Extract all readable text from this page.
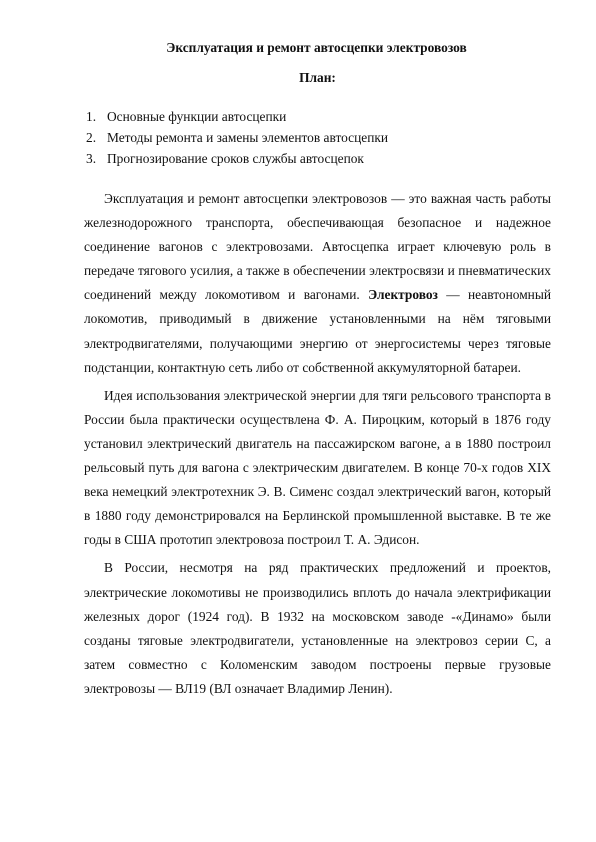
Эксплуатация и ремонт автосцепки электровозов
План:
1. Основные функции автосцепки
2. Методы ремонта и замены элементов автосцепки
3. Прогнозирование сроков службы автосцепок

Эксплуатация и ремонт автосцепки электровозов — это важная часть работы железнодорожного транспорта, обеспечивающая безопасное и надежное соединение вагонов с электровозами. Автосцепка играет ключевую роль в передаче тягового усилия, а также в обеспечении электросвязи и пневматических соединений между локомотивом и вагонами. Электровоз — неавтономный локомотив, приводимый в движение установленными на нём тяговыми электродвигателями, получающими энергию от энергосистемы через тяговые подстанции, контактную сеть либо от собственной аккумуляторной батареи.

Идея использования электрической энергии для тяги рельсового транспорта в России была практически осуществлена Ф. А. Пироцким, который в 1876 году установил электрический двигатель на пассажирском вагоне, а в 1880 построил рельсовый путь для вагона с электрическим двигателем. В конце 70-х годов XIX века немецкий электротехник Э. В. Сименс создал электрический вагон, который в 1880 году демонстрировался на Берлинской промышленной выставке. В те же годы в США прототип электровоза построил Т. А. Эдисон.

В России, несмотря на ряд практических предложений и проектов, электрические локомотивы не производились вплоть до начала электрификации железных дорог (1924 год). В 1932 на московском заводе -«Динамо» были созданы тяговые электродвигатели, установленные на электровоз серии С, а затем совместно с Коломенским заводом построены первые грузовые электровозы — ВЛ19 (ВЛ означает Владимир Ленин).
